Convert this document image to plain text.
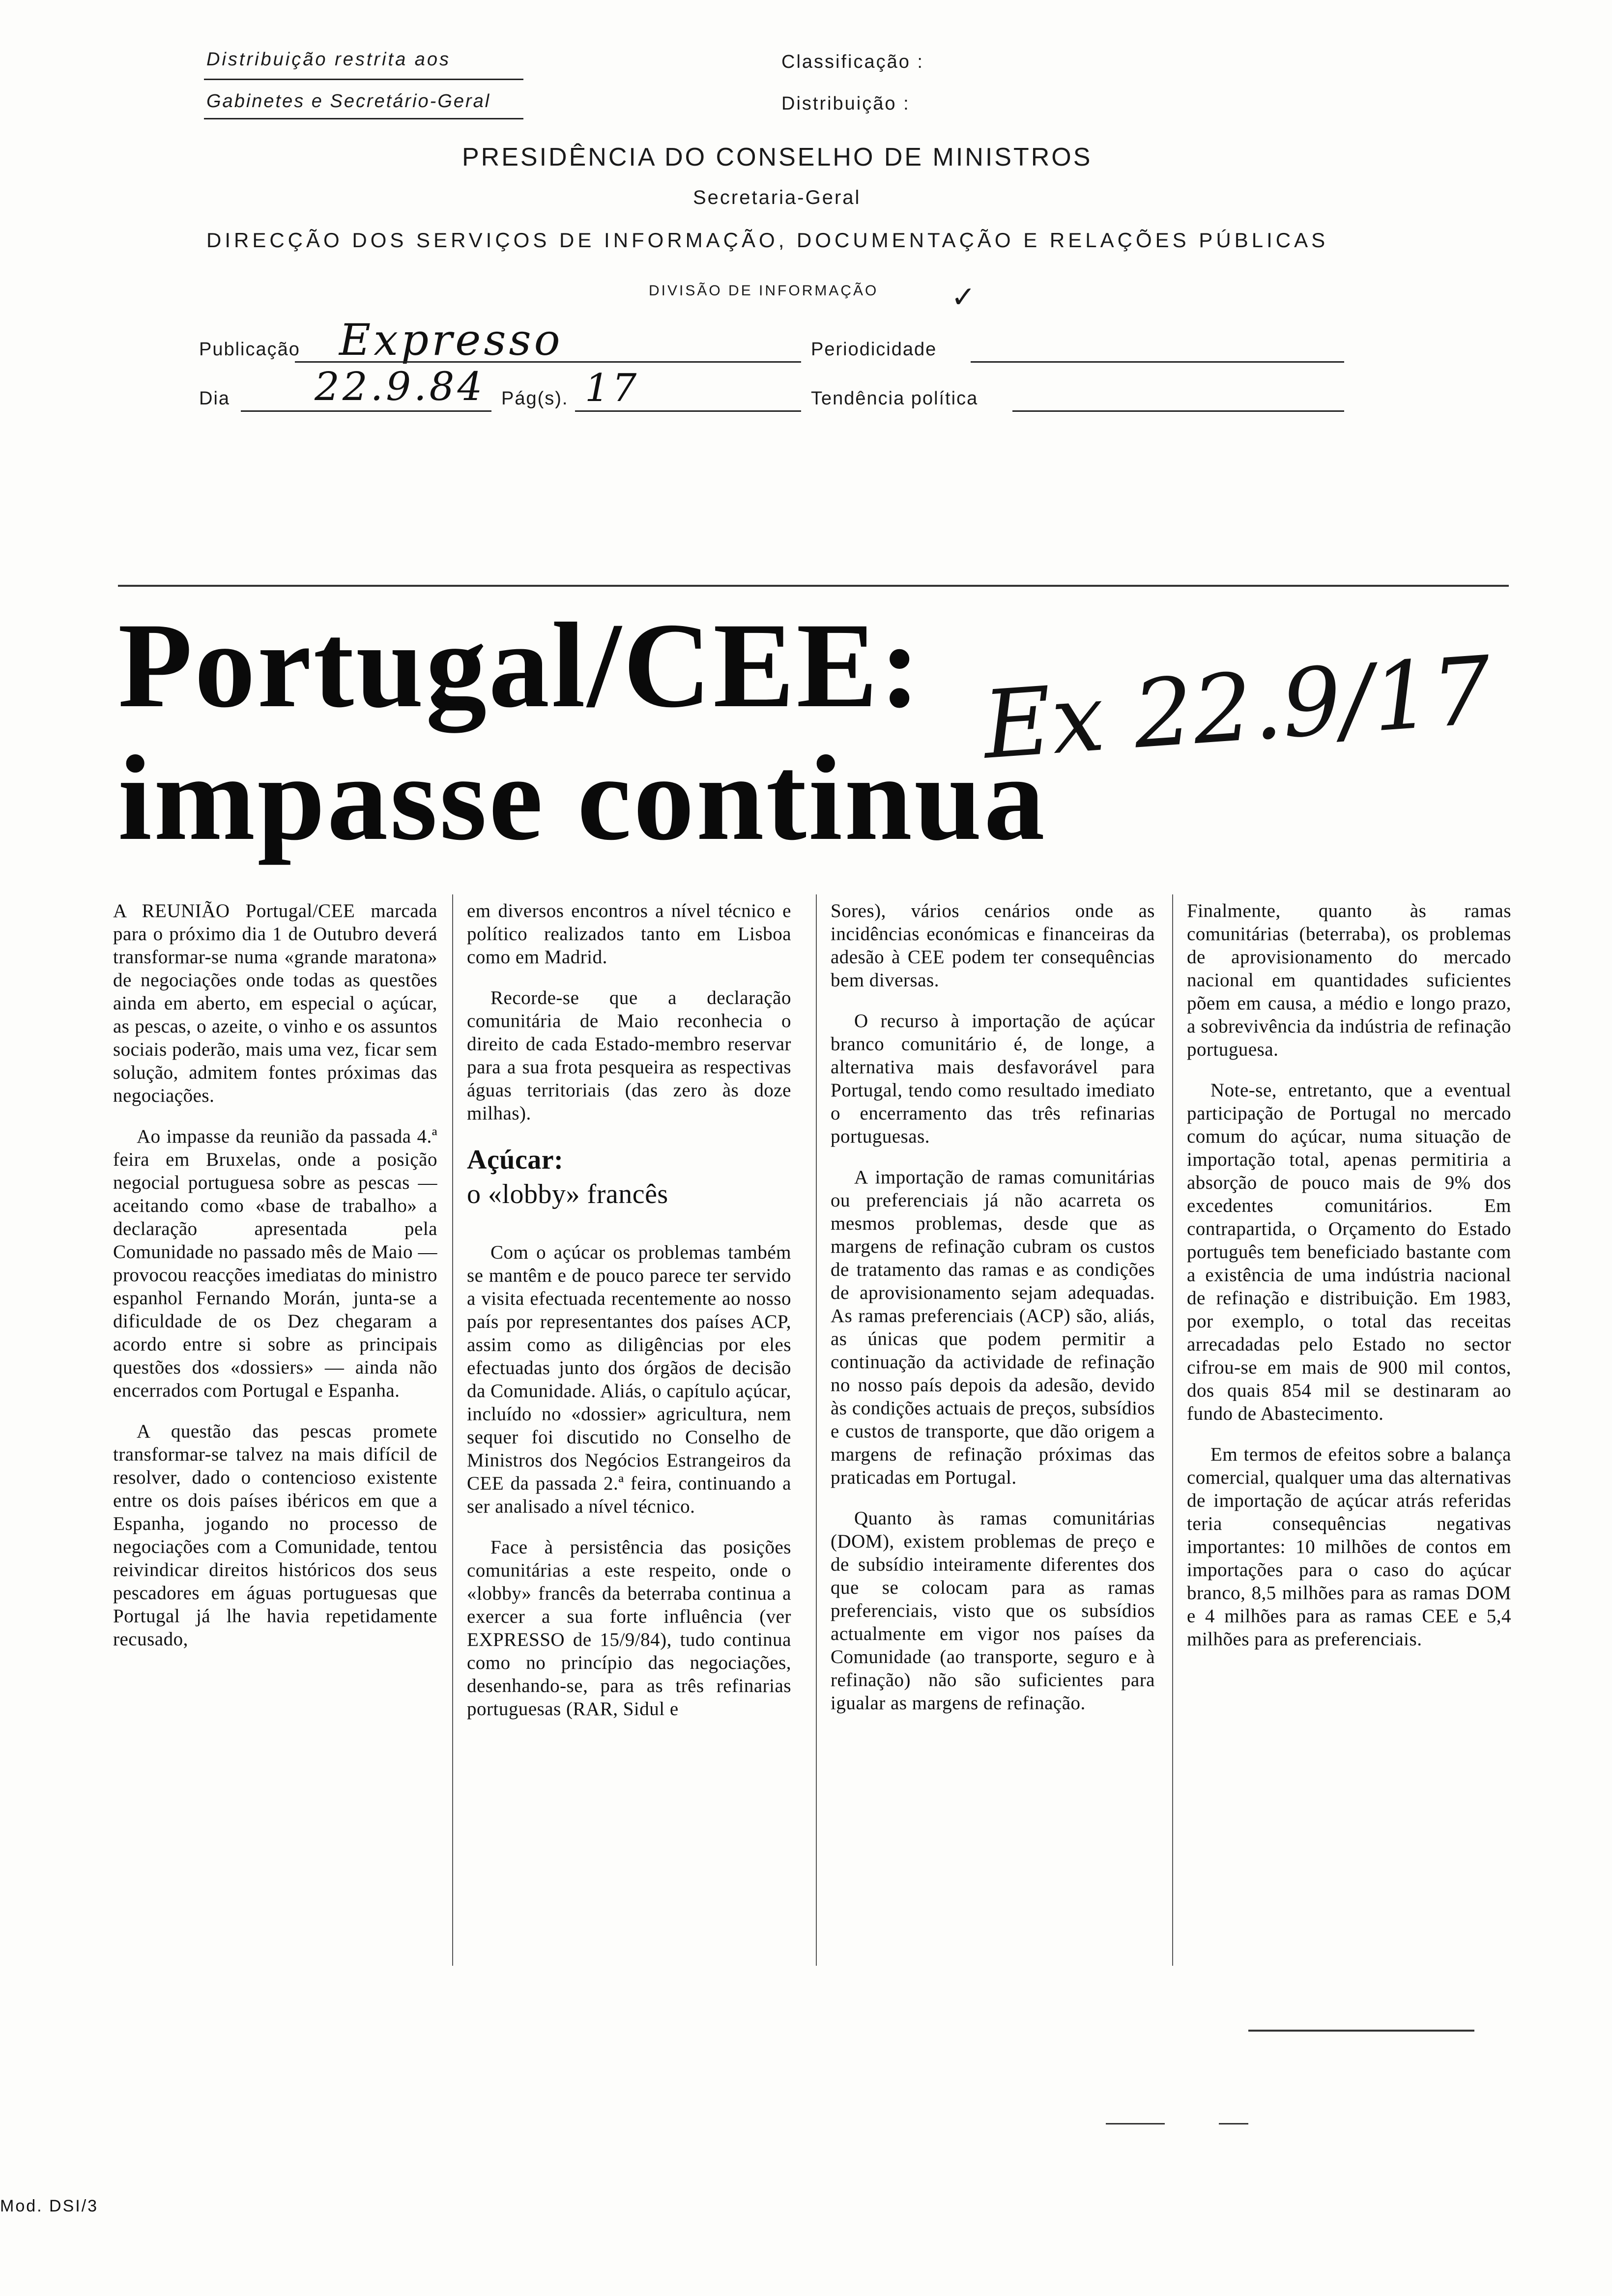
Distribuição restrita aos
Gabinetes e Secretário-Geral
Classificação :
Distribuição :
PRESIDÊNCIA DO CONSELHO DE MINISTROS
Secretaria-Geral
DIRECÇÃO DOS SERVIÇOS DE INFORMAÇÃO, DOCUMENTAÇÃO E RELAÇÕES PÚBLICAS
DIVISÃO DE INFORMAÇÃO ✓
Publicação Expresso	Periodicidade
Dia 22.9.84 Pág(s). 17	Tendência política
Portugal/CEE:
impasse continua
Ex 22.9/17

A REUNIÃO Portugal/CEE marcada para o próximo dia 1 de Outubro deverá transformar-se numa «grande maratona» de negociações onde todas as questões ainda em aberto, em especial o açúcar, as pescas, o azeite, o vinho e os assuntos sociais poderão, mais uma vez, ficar sem solução, admitem fontes próximas das negociações.

Ao impasse da reunião da passada 4.ª feira em Bruxelas, onde a posição negocial portuguesa sobre as pescas — aceitando como «base de trabalho» a declaração apresentada pela Comunidade no passado mês de Maio — provocou reacções imediatas do ministro espanhol Fernando Morán, junta-se a dificuldade de os Dez chegaram a acordo entre si sobre as principais questões dos «dossiers» — ainda não encerrados com Portugal e Espanha.

A questão das pescas promete transformar-se talvez na mais difícil de resolver, dado o contencioso existente entre os dois países ibéricos em que a Espanha, jogando no processo de negociações com a Comunidade, tentou reivindicar direitos históricos dos seus pescadores em águas portuguesas que Portugal já lhe havia repetidamente recusado,

em diversos encontros a nível técnico e político realizados tanto em Lisboa como em Madrid.

Recorde-se que a declaração comunitária de Maio reconhecia o direito de cada Estado-membro reservar para a sua frota pesqueira as respectivas águas territoriais (das zero às doze milhas).

Açúcar:
o «lobby» francês

Com o açúcar os problemas também se mantêm e de pouco parece ter servido a visita efectuada recentemente ao nosso país por representantes dos países ACP, assim como as diligências por eles efectuadas junto dos órgãos de decisão da Comunidade. Aliás, o capítulo açúcar, incluído no «dossier» agricultura, nem sequer foi discutido no Conselho de Ministros dos Negócios Estrangeiros da CEE da passada 2.ª feira, continuando a ser analisado a nível técnico.

Face à persistência das posições comunitárias a este respeito, onde o «lobby» francês da beterraba continua a exercer a sua forte influência (ver EXPRESSO de 15/9/84), tudo continua como no princípio das negociações, desenhando-se, para as três refinarias portuguesas (RAR, Sidul e

Sores), vários cenários onde as incidências económicas e financeiras da adesão à CEE podem ter consequências bem diversas.

O recurso à importação de açúcar branco comunitário é, de longe, a alternativa mais desfavorável para Portugal, tendo como resultado imediato o encerramento das três refinarias portuguesas.

A importação de ramas comunitárias ou preferenciais já não acarreta os mesmos problemas, desde que as margens de refinação cubram os custos de tratamento das ramas e as condições de aprovisionamento sejam adequadas. As ramas preferenciais (ACP) são, aliás, as únicas que podem permitir a continuação da actividade de refinação no nosso país depois da adesão, devido às condições actuais de preços, subsídios e custos de transporte, que dão origem a margens de refinação próximas das praticadas em Portugal.

Quanto às ramas comunitárias (DOM), existem problemas de preço e de subsídio inteiramente diferentes dos que se colocam para as ramas preferenciais, visto que os subsídios actualmente em vigor nos países da Comunidade (ao transporte, seguro e à refinação) não são suficientes para igualar as margens de refinação.

Finalmente, quanto às ramas comunitárias (beterraba), os problemas de aprovisionamento do mercado nacional em quantidades suficientes põem em causa, a médio e longo prazo, a sobrevivência da indústria de refinação portuguesa.

Note-se, entretanto, que a eventual participação de Portugal no mercado comum do açúcar, numa situação de importação total, apenas permitiria a absorção de pouco mais de 9% dos excedentes comunitários. Em contrapartida, o Orçamento do Estado português tem beneficiado bastante com a existência de uma indústria nacional de refinação e distribuição. Em 1983, por exemplo, o total das receitas arrecadadas pelo Estado no sector cifrou-se em mais de 900 mil contos, dos quais 854 mil se destinaram ao fundo de Abastecimento.

Em termos de efeitos sobre a balança comercial, qualquer uma das alternativas de importação de açúcar atrás referidas teria consequências negativas importantes: 10 milhões de contos em importações para o caso do açúcar branco, 8,5 milhões para as ramas DOM e 4 milhões para as ramas CEE e 5,4 milhões para as preferenciais.

Mod. DSI/3
